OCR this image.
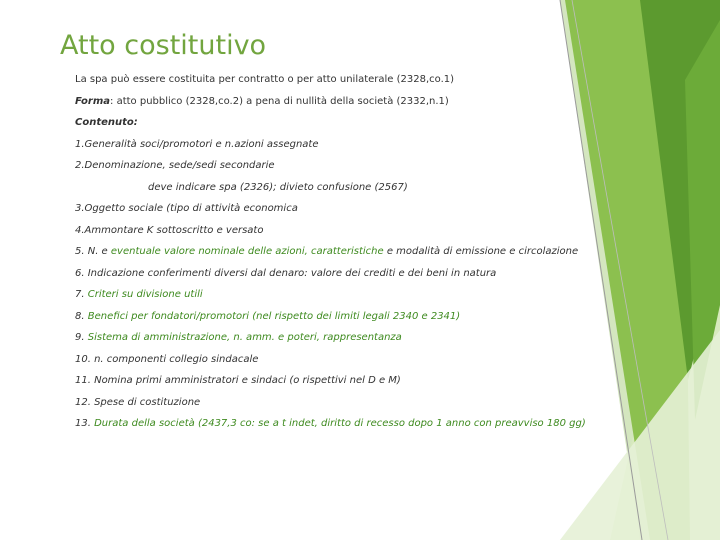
Atto costitutivo
La spa può essere costituita per contratto o per atto unilaterale (2328,co.1)
Forma: atto pubblico (2328,co.2) a pena di nullità della società (2332,n.1)
Contenuto:
1.Generalità soci/promotori e n.azioni assegnate
2.Denominazione, sede/sedi secondarie
deve indicare spa (2326); divieto confusione (2567)
3.Oggetto sociale (tipo di attività economica
4.Ammontare K sottoscritto e versato
5. N. e eventuale valore nominale delle azioni, caratteristiche e modalità di emissione e circolazione
6. Indicazione conferimenti diversi dal denaro: valore dei crediti e dei beni in natura
7. Criteri su divisione utili
8. Benefici per fondatori/promotori (nel rispetto dei limiti legali 2340 e 2341)
9. Sistema di amministrazione, n. amm. e poteri, rappresentanza
10. n. componenti collegio sindacale
11. Nomina primi amministratori e sindaci (o rispettivi nel D e M)
12. Spese di costituzione
13. Durata della società (2437,3 co: se a t indet, diritto di recesso dopo 1 anno con preavviso 180 gg)
